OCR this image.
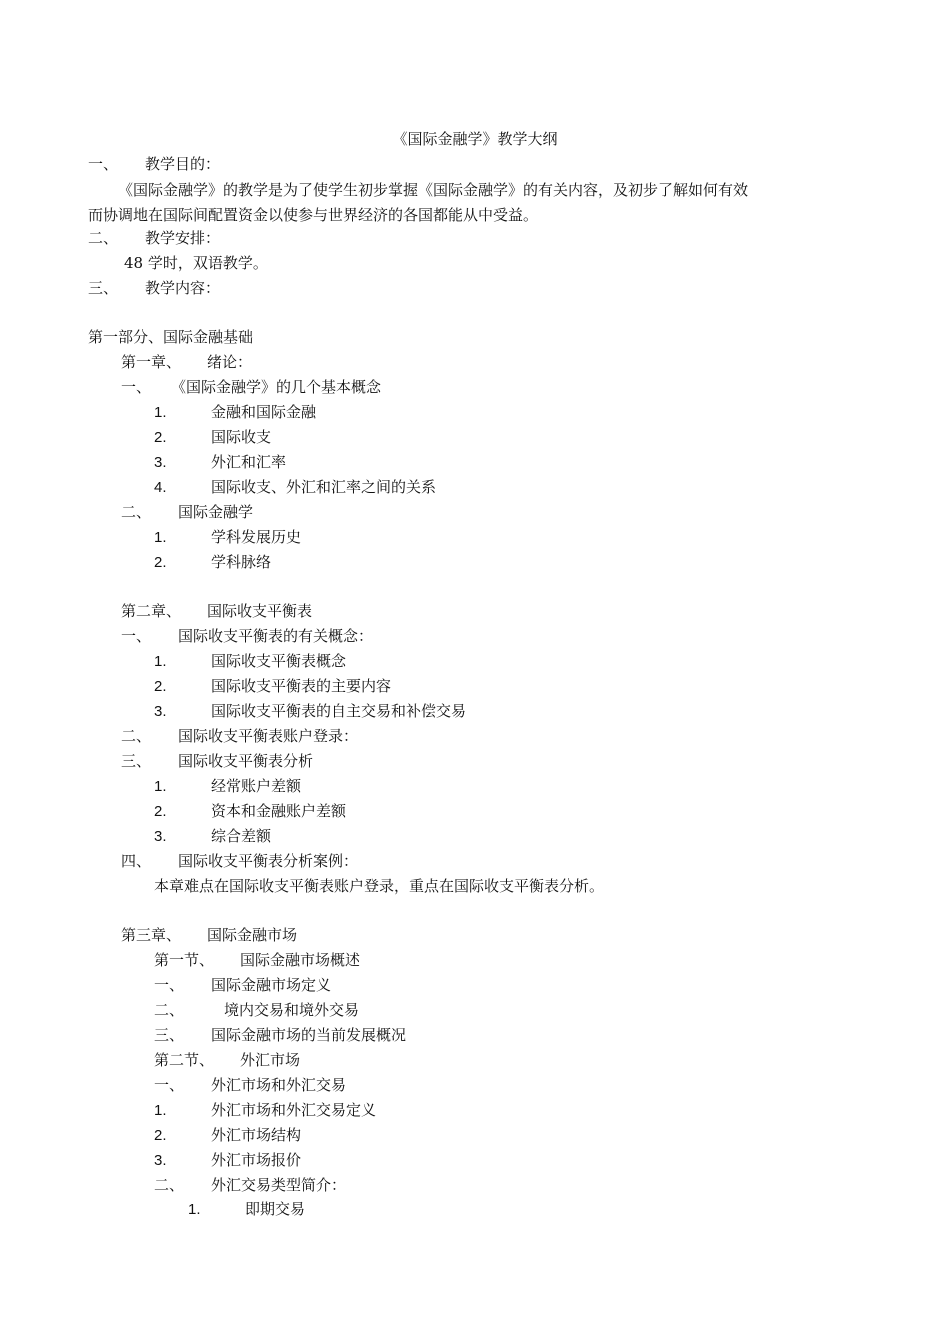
《国际金融学》教学大纲
一、 教学目的：
《国际金融学》的教学是为了使学生初步掌握《国际金融学》的有关内容，及初步了解如何有效
而协调地在国际间配置资金以使参与世界经济的各国都能从中受益。
二、 教学安排：
48 学时，双语教学。
三、 教学内容：
第一部分、国际金融基础
第一章、 绪论：
一、 《国际金融学》的几个基本概念
1.	金融和国际金融
2.	国际收支
3.	外汇和汇率
4.	国际收支、外汇和汇率之间的关系
二、 国际金融学
1.	学科发展历史
2.	学科脉络
第二章、 国际收支平衡表
一、 国际收支平衡表的有关概念：
1.	国际收支平衡表概念
2.	国际收支平衡表的主要内容
3.	国际收支平衡表的自主交易和补偿交易
二、 国际收支平衡表账户登录：
三、 国际收支平衡表分析
1.	经常账户差额
2.	资本和金融账户差额
3.	综合差额
四、 国际收支平衡表分析案例：
本章难点在国际收支平衡表账户登录，重点在国际收支平衡表分析。
第三章、 国际金融市场
第一节、 国际金融市场概述
一、 国际金融市场定义
二、	境内交易和境外交易
三、 国际金融市场的当前发展概况
第二节、 外汇市场
一、 外汇市场和外汇交易
1.	外汇市场和外汇交易定义
2.	外汇市场结构
3.	外汇市场报价
二、 外汇交易类型简介：
1.	即期交易
